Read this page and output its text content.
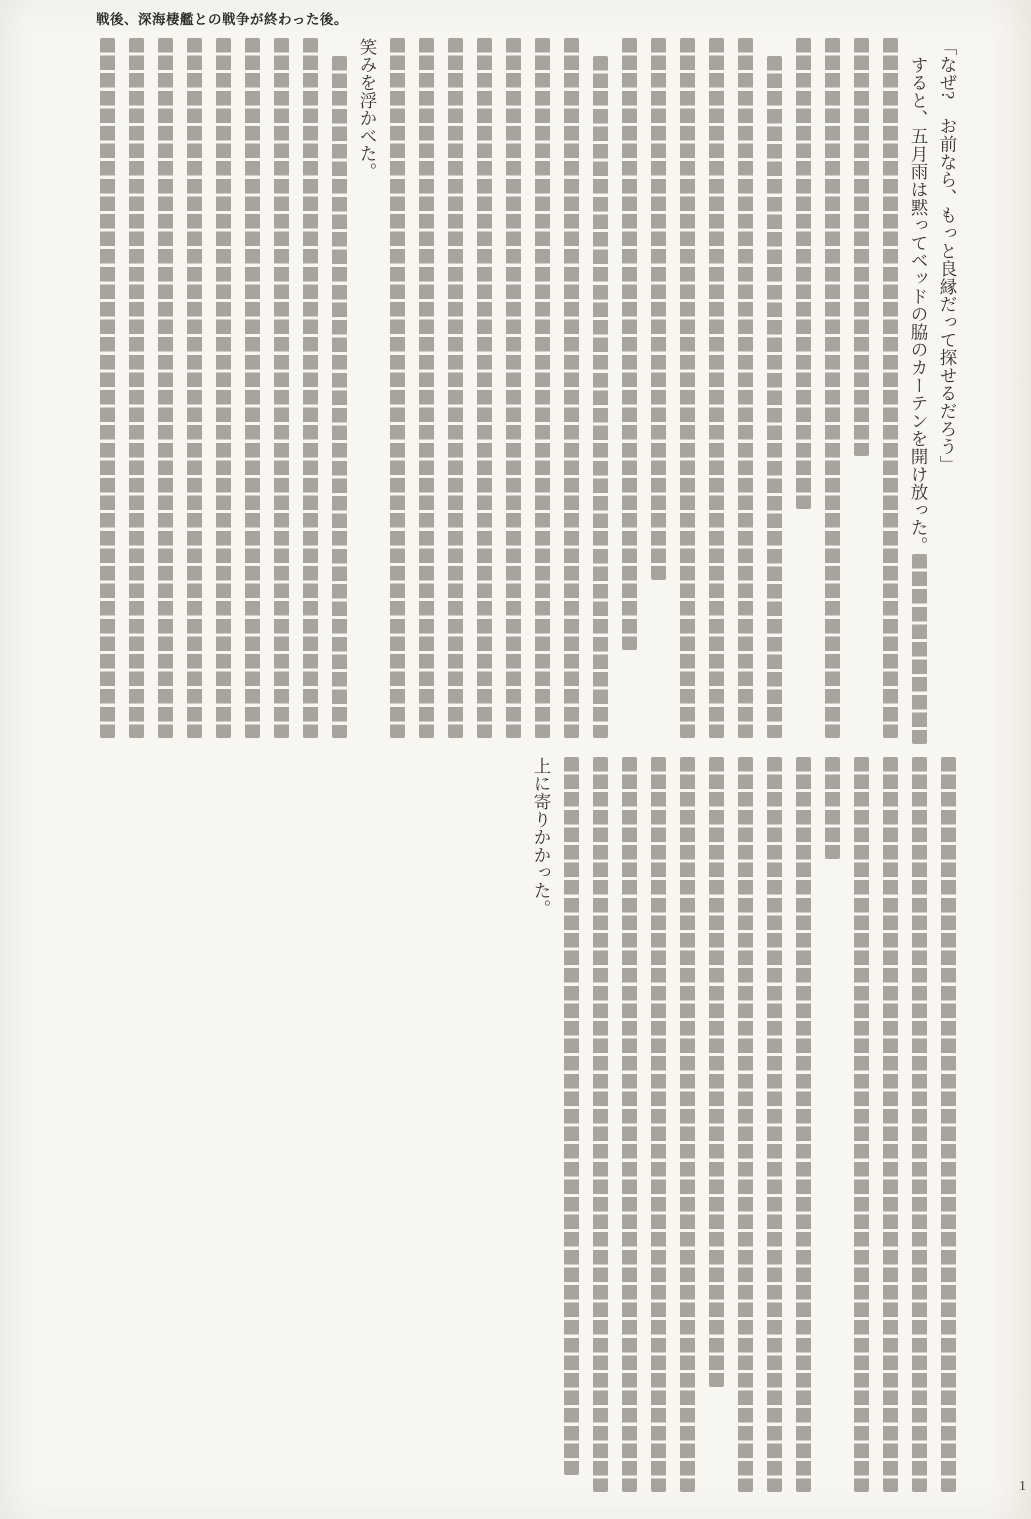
戦後、深海棲艦との戦争が終わった後。
「なぜ?　お前なら、もっと良縁だって探せるだろう」
すると、五月雨は黙ってベッドの脇のカーテンを開け放った。
笑みを浮かべた。
上に寄りかかった。
1
